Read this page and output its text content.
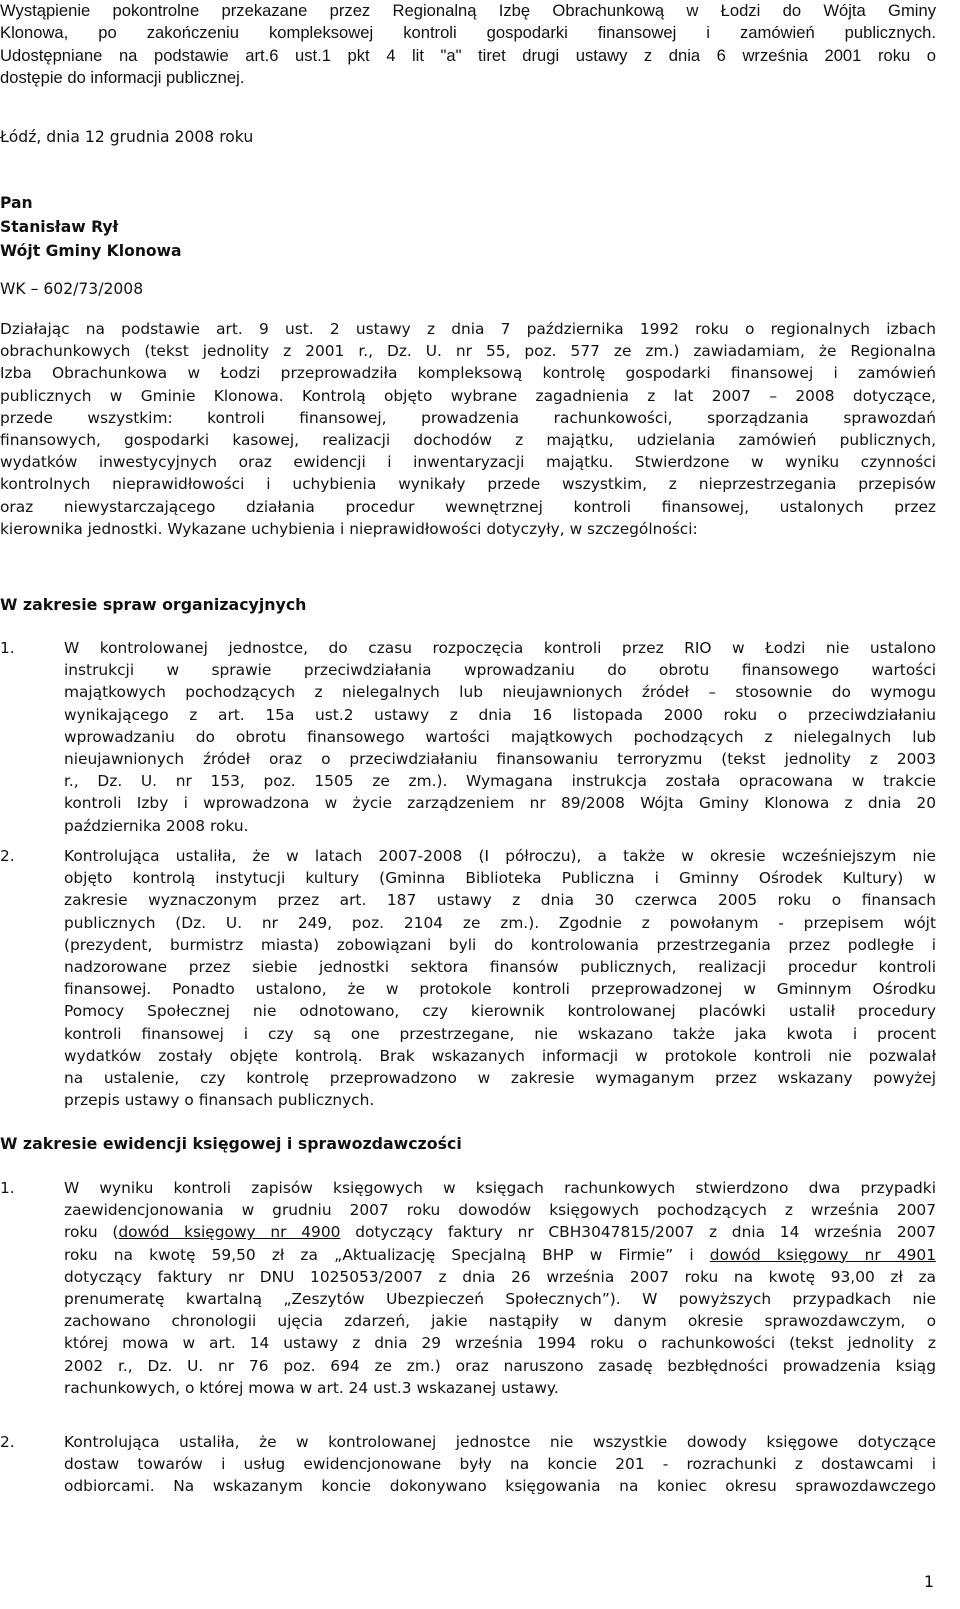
Wystąpienie pokontrolne przekazane przez Regionalną Izbę Obrachunkową w Łodzi do Wójta Gminy
Klonowa, po zakończeniu kompleksowej kontroli gospodarki finansowej i zamówień publicznych.
Udostępniane na podstawie art.6 ust.1 pkt 4 lit "a" tiret drugi ustawy z dnia 6 września 2001 roku o
dostępie do informacji publicznej.
Łódź, dnia 12 grudnia 2008 roku
Pan
Stanisław Rył
Wójt Gminy Klonowa
WK – 602/73/2008
Działając na podstawie art. 9 ust. 2 ustawy z dnia 7 października 1992 roku o regionalnych izbach
obrachunkowych (tekst jednolity z 2001 r., Dz. U. nr 55, poz. 577 ze zm.) zawiadamiam, że Regionalna
Izba Obrachunkowa w Łodzi przeprowadziła kompleksową kontrolę gospodarki finansowej i zamówień
publicznych w Gminie Klonowa. Kontrolą objęto wybrane zagadnienia z lat 2007 – 2008 dotyczące,
przede wszystkim: kontroli finansowej, prowadzenia rachunkowości, sporządzania sprawozdań
finansowych, gospodarki kasowej, realizacji dochodów z majątku, udzielania zamówień publicznych,
wydatków inwestycyjnych oraz ewidencji i inwentaryzacji majątku. Stwierdzone w wyniku czynności
kontrolnych nieprawidłowości i uchybienia wynikały przede wszystkim, z nieprzestrzegania przepisów
oraz niewystarczającego działania procedur wewnętrznej kontroli finansowej, ustalonych przez
kierownika jednostki. Wykazane uchybienia i nieprawidłowości dotyczyły, w szczególności:
W zakresie spraw organizacyjnych
1.	W kontrolowanej jednostce, do czasu rozpoczęcia kontroli przez RIO w Łodzi nie ustalono
instrukcji w sprawie przeciwdziałania wprowadzaniu do obrotu finansowego wartości
majątkowych pochodzących z nielegalnych lub nieujawnionych źródeł – stosownie do wymogu
wynikającego z art. 15a ust.2 ustawy z dnia 16 listopada 2000 roku o przeciwdziałaniu
wprowadzaniu do obrotu finansowego wartości majątkowych pochodzących z nielegalnych lub
nieujawnionych źródeł oraz o przeciwdziałaniu finansowaniu terroryzmu (tekst jednolity z 2003
r., Dz. U. nr 153, poz. 1505 ze zm.). Wymagana instrukcja została opracowana w trakcie
kontroli Izby i wprowadzona w życie zarządzeniem nr 89/2008 Wójta Gminy Klonowa z dnia 20
października 2008 roku.
2.	Kontrolująca ustaliła, że w latach 2007-2008 (I półroczu), a także w okresie wcześniejszym nie
objęto kontrolą instytucji kultury (Gminna Biblioteka Publiczna i Gminny Ośrodek Kultury) w
zakresie wyznaczonym przez art. 187 ustawy z dnia 30 czerwca 2005 roku o finansach
publicznych (Dz. U. nr 249, poz. 2104 ze zm.). Zgodnie z powołanym - przepisem wójt
(prezydent, burmistrz miasta) zobowiązani byli do kontrolowania przestrzegania przez podległe i
nadzorowane przez siebie jednostki sektora finansów publicznych, realizacji procedur kontroli
finansowej. Ponadto ustalono, że w protokole kontroli przeprowadzonej w Gminnym Ośrodku
Pomocy Społecznej nie odnotowano, czy kierownik kontrolowanej placówki ustalił procedury
kontroli finansowej i czy są one przestrzegane, nie wskazano także jaka kwota i procent
wydatków zostały objęte kontrolą. Brak wskazanych informacji w protokole kontroli nie pozwalał
na ustalenie, czy kontrolę przeprowadzono w zakresie wymaganym przez wskazany powyżej
przepis ustawy o finansach publicznych.
W zakresie ewidencji księgowej i sprawozdawczości
1.	W wyniku kontroli zapisów księgowych w księgach rachunkowych stwierdzono dwa przypadki
zaewidencjonowania w grudniu 2007 roku dowodów księgowych pochodzących z września 2007
roku (dowód księgowy nr 4900 dotyczący faktury nr CBH3047815/2007 z dnia 14 września 2007
roku na kwotę 59,50 zł za „Aktualizację Specjalną BHP w Firmie” i dowód księgowy nr 4901
dotyczący faktury nr DNU 1025053/2007 z dnia 26 września 2007 roku na kwotę 93,00 zł za
prenumeratę kwartalną „Zeszytów Ubezpieczeń Społecznych”). W powyższych przypadkach nie
zachowano chronologii ujęcia zdarzeń, jakie nastąpiły w danym okresie sprawozdawczym, o
której mowa w art. 14 ustawy z dnia 29 września 1994 roku o rachunkowości (tekst jednolity z
2002 r., Dz. U. nr 76 poz. 694 ze zm.) oraz naruszono zasadę bezbłędności prowadzenia ksiąg
rachunkowych, o której mowa w art. 24 ust.3 wskazanej ustawy.
2.	Kontrolująca ustaliła, że w kontrolowanej jednostce nie wszystkie dowody księgowe dotyczące
dostaw towarów i usług ewidencjonowane były na koncie 201 - rozrachunki z dostawcami i
odbiorcami. Na wskazanym koncie dokonywano księgowania na koniec okresu sprawozdawczego
1
